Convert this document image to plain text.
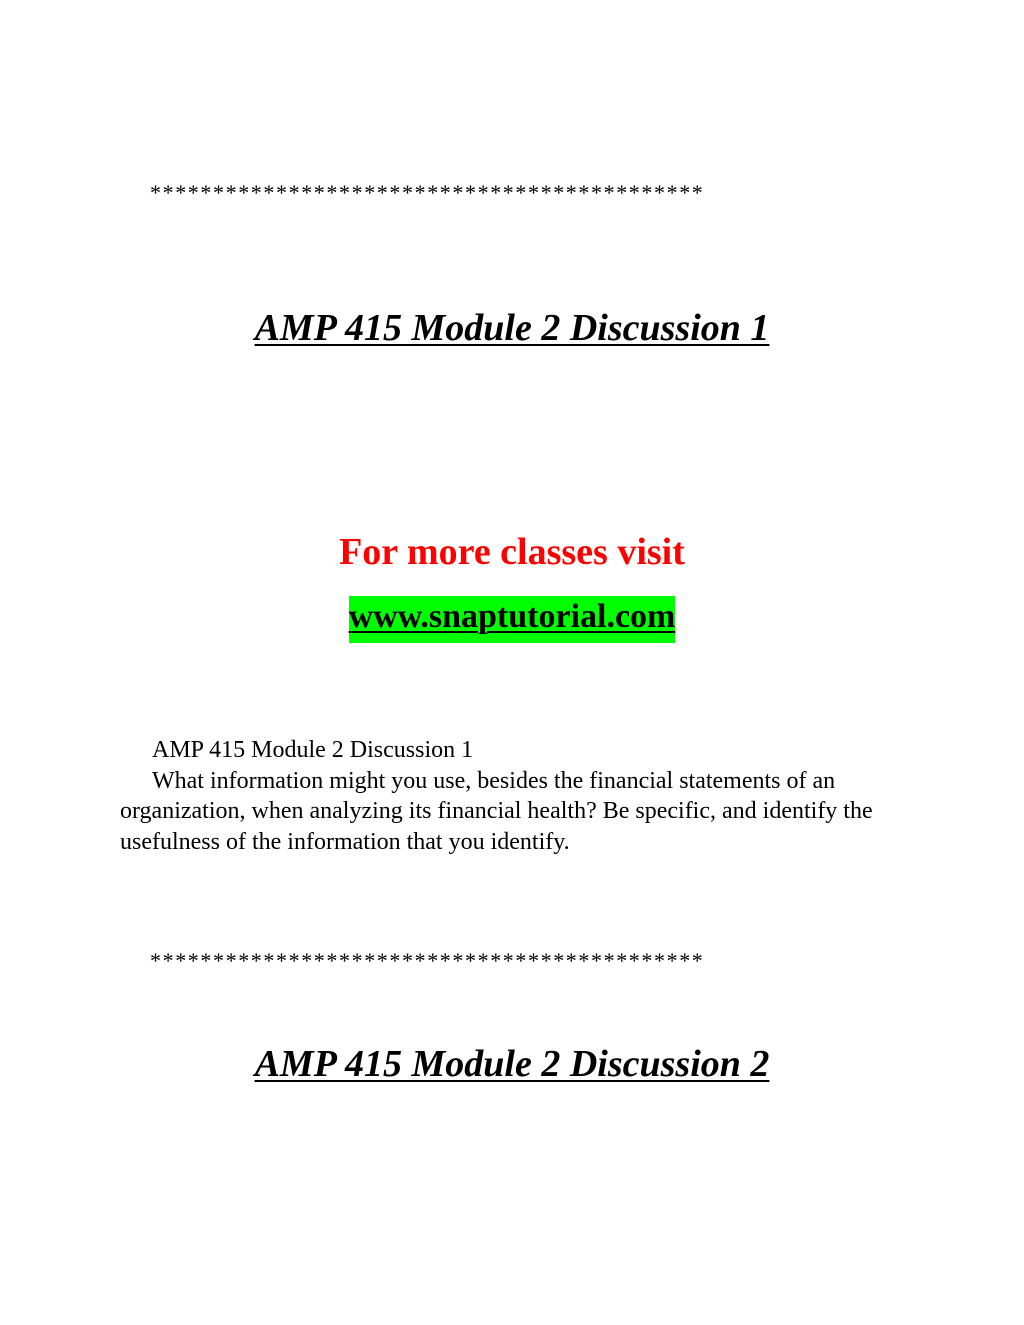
********************************************
AMP 415 Module 2 Discussion 1
For more classes visit
www.snaptutorial.com

AMP 415 Module 2 Discussion 1

What information might you use, besides the financial statements of an organization, when analyzing its financial health? Be specific, and identify the usefulness of the information that you identify.

********************************************
AMP 415 Module 2 Discussion 2
